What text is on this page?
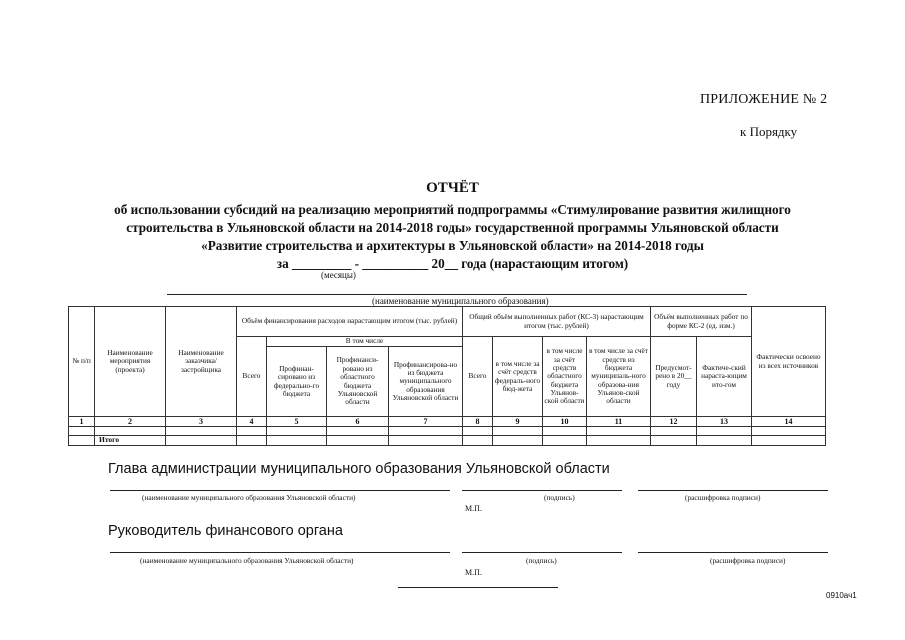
ПРИЛОЖЕНИЕ № 2
к Порядку
ОТЧЁТ
об использовании субсидий на реализацию мероприятий подпрограммы «Стимулирование развития жилищного
строительства в Ульяновской области на 2014-2018 годы» государственной программы Ульяновской области
«Развитие строительства и архитектуры в Ульяновской области» на 2014-2018 годы
за _________ - __________ 20__ года (нарастающим итогом)
(месяцы)
(наименование муниципального образования)
№ п/п	Наименование мероприятия (проекта)	Наименование заказчика/ застройщика	Объём финансирования расходов нарастающим итогом (тыс. рублей)				Общий объём выполненных работ (КС-3) нарастающим итогом (тыс. рублей)				Объём выполненных работ по форме КС-2 (ед. изм.)		Фактически освоено из всех источников
			Всего	В том числе			Всего	в том числе за счёт средств федераль-ного бюд-жета	в том числе за счёт средств областного бюджета Ульянов-ской области	в том числе за счёт средств из бюджета муниципаль-ного образова-ния Ульянов-ской области	Предусмот-рено в 20__ году	Фактиче-ский нараста-ющим ито-гом	
				Профинан-сировано из федерально-го бюджета	Профинанси-ровано из областного бюджета Ульяновской области	Профинансирова-но из бюджета муниципального образования Ульяновской области							
1	2	3	4	5	6	7	8	9	10	11	12	13	14

	Итого												
Глава администрации муниципального образования Ульяновской области
(наименование муниципального образования Ульяновской области)	(подпись)	(расшифровка подписи)
М.П.
Руководитель финансового органа
(наименование муниципального образования Ульяновской области)	(подпись)	(расшифровка подписи)
М.П.
0910ач1
